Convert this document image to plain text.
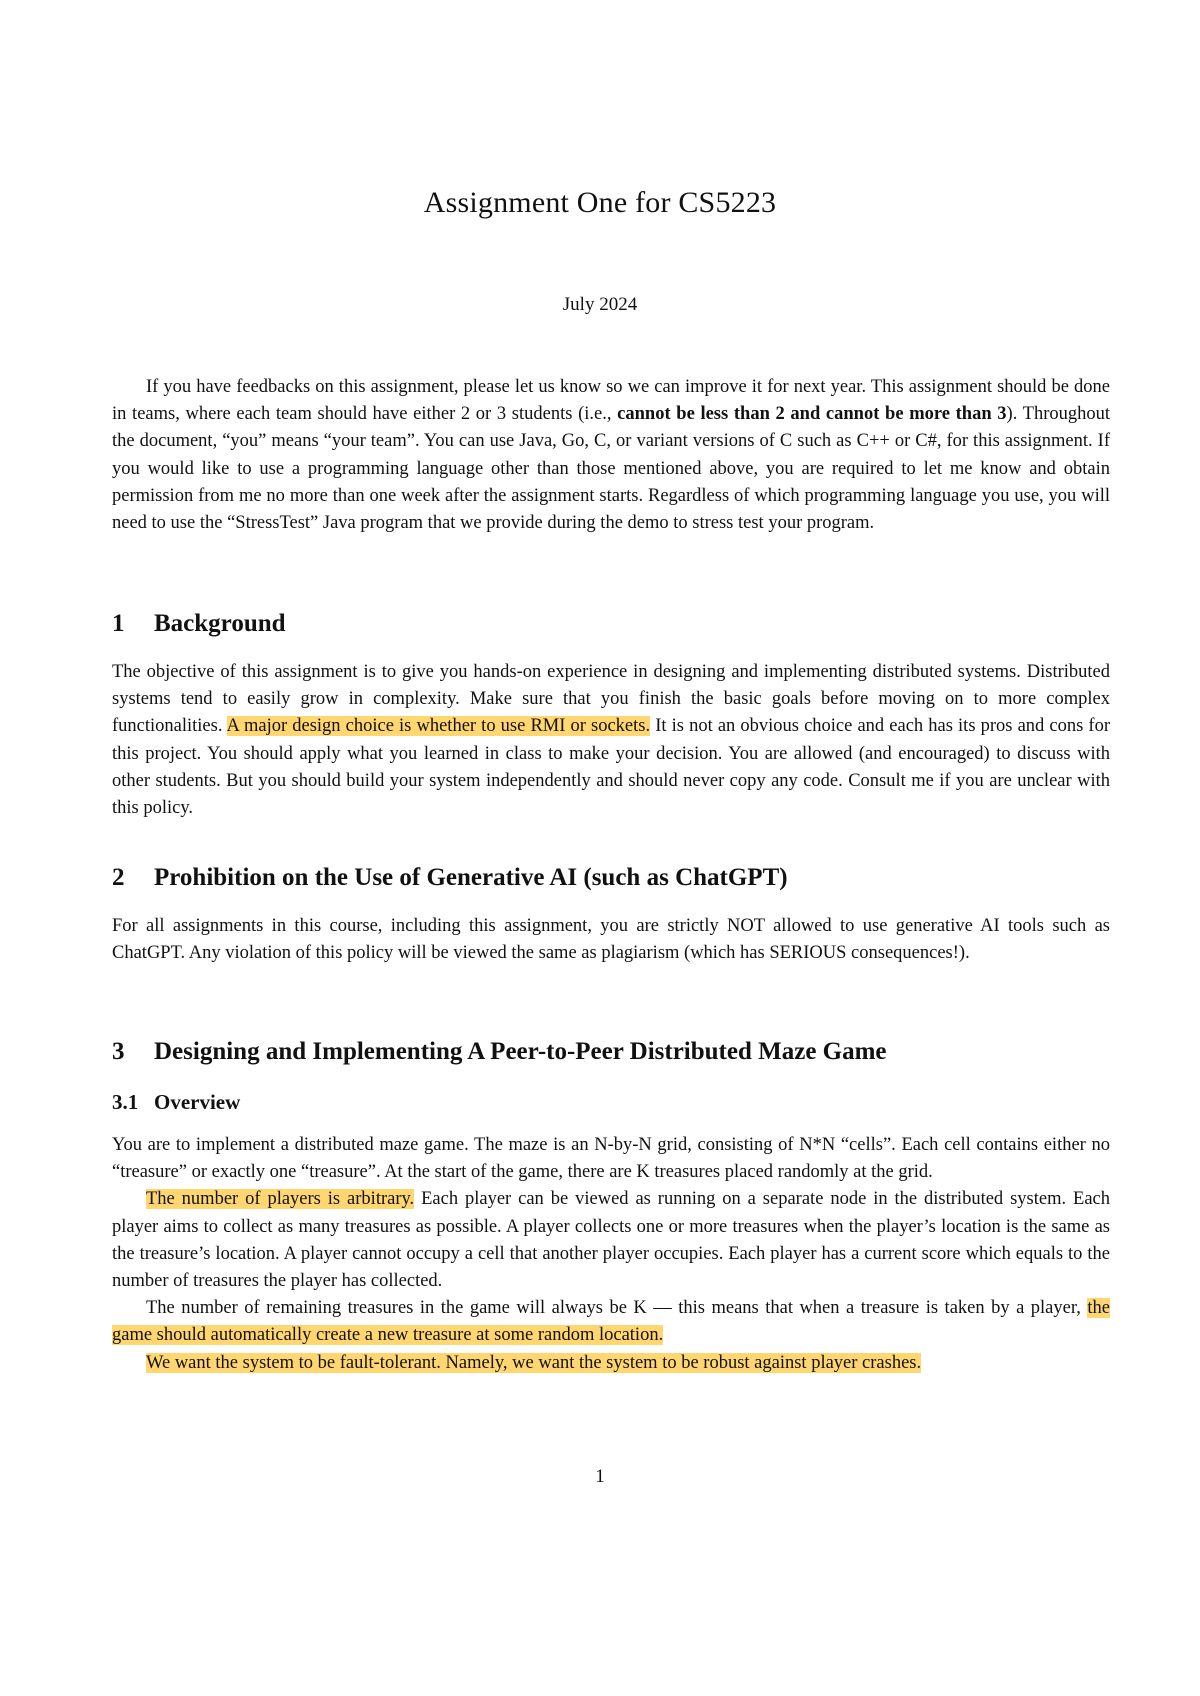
Assignment One for CS5223
July 2024

If you have feedbacks on this assignment, please let us know so we can improve it for next year. This assignment should be done in teams, where each team should have either 2 or 3 students (i.e., cannot be less than 2 and cannot be more than 3). Throughout the document, “you” means “your team”. You can use Java, Go, C, or variant versions of C such as C++ or C#, for this assignment. If you would like to use a programming language other than those mentioned above, you are required to let me know and obtain permission from me no more than one week after the assignment starts. Regardless of which programming language you use, you will need to use the “StressTest” Java program that we provide during the demo to stress test your program.

1 Background

The objective of this assignment is to give you hands-on experience in designing and implementing distributed systems. Distributed systems tend to easily grow in complexity. Make sure that you finish the basic goals before moving on to more complex functionalities. A major design choice is whether to use RMI or sockets. It is not an obvious choice and each has its pros and cons for this project. You should apply what you learned in class to make your decision. You are allowed (and encouraged) to discuss with other students. But you should build your system independently and should never copy any code. Consult me if you are unclear with this policy.

2 Prohibition on the Use of Generative AI (such as ChatGPT)

For all assignments in this course, including this assignment, you are strictly NOT allowed to use generative AI tools such as ChatGPT. Any violation of this policy will be viewed the same as plagiarism (which has SERIOUS consequences!).

3 Designing and Implementing A Peer-to-Peer Distributed Maze Game
3.1 Overview

You are to implement a distributed maze game. The maze is an N-by-N grid, consisting of N*N “cells”. Each cell contains either no “treasure” or exactly one “treasure”. At the start of the game, there are K treasures placed randomly at the grid.

The number of players is arbitrary. Each player can be viewed as running on a separate node in the distributed system. Each player aims to collect as many treasures as possible. A player collects one or more treasures when the player’s location is the same as the treasure’s location. A player cannot occupy a cell that another player occupies. Each player has a current score which equals to the number of treasures the player has collected.

The number of remaining treasures in the game will always be K — this means that when a treasure is taken by a player, the game should automatically create a new treasure at some random location.

We want the system to be fault-tolerant. Namely, we want the system to be robust against player crashes.

1
